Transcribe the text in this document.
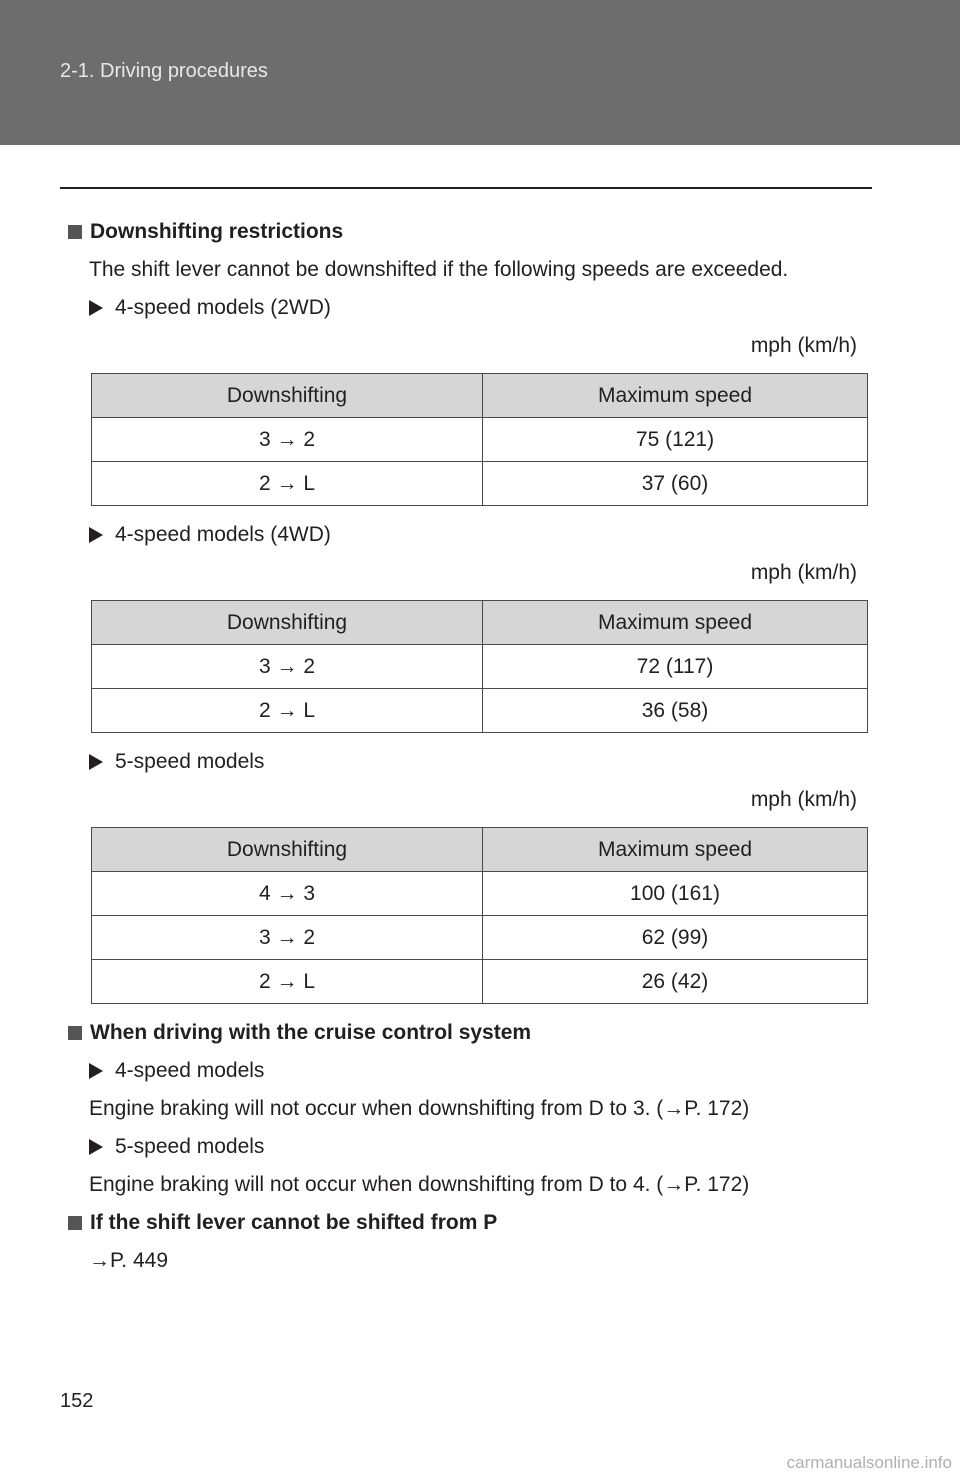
2-1. Driving procedures
Downshifting restrictions
The shift lever cannot be downshifted if the following speeds are exceeded.
4-speed models (2WD)
mph (km/h)
Downshifting	Maximum speed
3 → 2	75 (121)
2 → L	37 (60)
4-speed models (4WD)
mph (km/h)
Downshifting	Maximum speed
3 → 2	72 (117)
2 → L	36 (58)
5-speed models
mph (km/h)
Downshifting	Maximum speed
4 → 3	100 (161)
3 → 2	62 (99)
2 → L	26 (42)
When driving with the cruise control system
4-speed models
Engine braking will not occur when downshifting from D to 3. (→P. 172)
5-speed models
Engine braking will not occur when downshifting from D to 4. (→P. 172)
If the shift lever cannot be shifted from P
→P. 449
152
carmanualsonline.info
